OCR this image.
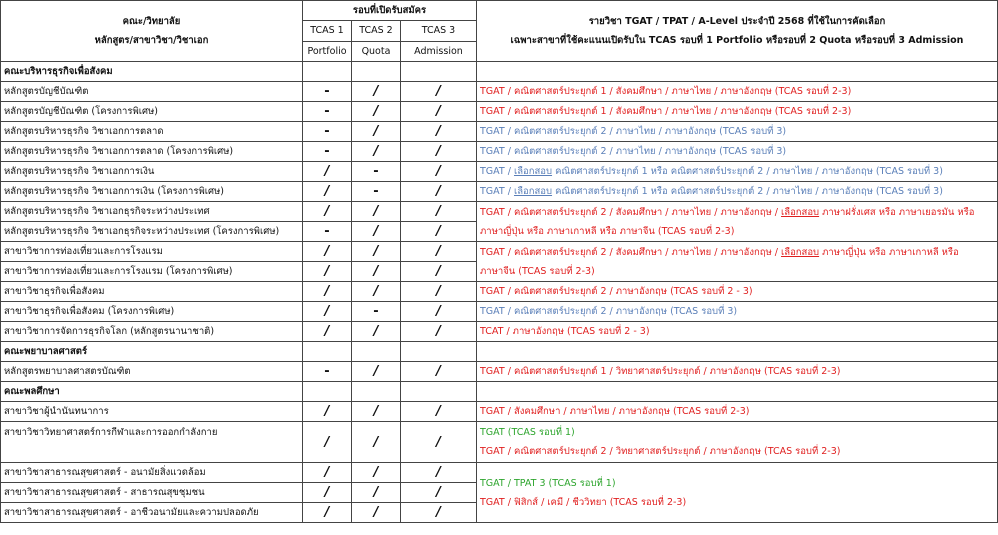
คณะ/วิทยาลัย
หลักสูตร/สาขาวิชา/วิชาเอก	รอบที่เปิดรับสมัคร			รายวิชา TGAT / TPAT / A-Level ประจำปี 2568 ที่ใช้ในการคัดเลือก
เฉพาะสาขาที่ใช้คะแนนเปิดรับใน TCAS รอบที่ 1 Portfolio หรือรอบที่ 2 Quota หรือรอบที่ 3 Admission

	TCAS 1	TCAS 2	TCAS 3	
	Portfolio	Quota	Admission	
คณะบริหารธุรกิจเพื่อสังคม				
หลักสูตรบัญชีบัณฑิต	-	/	/	TGAT / คณิตศาสตร์ประยุกต์ 1 / สังคมศึกษา / ภาษาไทย / ภาษาอังกฤษ (TCAS รอบที่ 2-3)
หลักสูตรบัญชีบัณฑิต (โครงการพิเศษ)	-	/	/	TGAT / คณิตศาสตร์ประยุกต์ 1 / สังคมศึกษา / ภาษาไทย / ภาษาอังกฤษ (TCAS รอบที่ 2-3)
หลักสูตรบริหารธุรกิจ วิชาเอกการตลาด	-	/	/	TGAT / คณิตศาสตร์ประยุกต์ 2 / ภาษาไทย / ภาษาอังกฤษ (TCAS รอบที่ 3)
หลักสูตรบริหารธุรกิจ วิชาเอกการตลาด (โครงการพิเศษ)	-	/	/	TGAT / คณิตศาสตร์ประยุกต์ 2 / ภาษาไทย / ภาษาอังกฤษ (TCAS รอบที่ 3)
หลักสูตรบริหารธุรกิจ วิชาเอกการเงิน	/	-	/	TGAT / เลือกสอบ คณิตศาสตร์ประยุกต์ 1 หรือ คณิตศาสตร์ประยุกต์ 2 / ภาษาไทย / ภาษาอังกฤษ (TCAS รอบที่ 3)
หลักสูตรบริหารธุรกิจ วิชาเอกการเงิน (โครงการพิเศษ)	/	-	/	TGAT / เลือกสอบ คณิตศาสตร์ประยุกต์ 1 หรือ คณิตศาสตร์ประยุกต์ 2 / ภาษาไทย / ภาษาอังกฤษ (TCAS รอบที่ 3)
หลักสูตรบริหารธุรกิจ วิชาเอกธุรกิจระหว่างประเทศ	/	/	/	TGAT / คณิตศาสตร์ประยุกต์ 2 / สังคมศึกษา / ภาษาไทย / ภาษาอังกฤษ / เลือกสอบ ภาษาฝรั่งเศส หรือ ภาษาเยอรมัน หรือ
ภาษาญี่ปุ่น หรือ ภาษาเกาหลี หรือ ภาษาจีน (TCAS รอบที่ 2-3)

หลักสูตรบริหารธุรกิจ วิชาเอกธุรกิจระหว่างประเทศ (โครงการพิเศษ)	-	/	/	
สาขาวิชาการท่องเที่ยวและการโรงแรม	/	/	/	TGAT / คณิตศาสตร์ประยุกต์ 2 / สังคมศึกษา / ภาษาไทย / ภาษาอังกฤษ / เลือกสอบ ภาษาญี่ปุ่น หรือ ภาษาเกาหลี หรือ
ภาษาจีน (TCAS รอบที่ 2-3)

สาขาวิชาการท่องเที่ยวและการโรงแรม (โครงการพิเศษ)	/	/	/	
สาขาวิชาธุรกิจเพื่อสังคม	/	/	/	TGAT / คณิตศาสตร์ประยุกต์ 2 / ภาษาอังกฤษ (TCAS รอบที่ 2 - 3)
สาขาวิชาธุรกิจเพื่อสังคม (โครงการพิเศษ)	/	-	/	TGAT / คณิตศาสตร์ประยุกต์ 2 / ภาษาอังกฤษ (TCAS รอบที่ 3)
สาขาวิชาการจัดการธุรกิจโลก (หลักสูตรนานาชาติ)	/	/	/	TCAT / ภาษาอังกฤษ (TCAS รอบที่ 2 - 3)
คณะพยาบาลศาสตร์				
หลักสูตรพยาบาลศาสตรบัณฑิต	-	/	/	TGAT / คณิตศาสตร์ประยุกต์ 1 / วิทยาศาสตร์ประยุกต์ / ภาษาอังกฤษ (TCAS รอบที่ 2-3)
คณะพลศึกษา				
สาขาวิชาผู้นำนันทนาการ	/	/	/	TGAT / สังคมศึกษา / ภาษาไทย / ภาษาอังกฤษ (TCAS รอบที่ 2-3)
สาขาวิชาวิทยาศาสตร์การกีฬาและการออกกำลังกาย	/	/	/	TGAT (TCAS รอบที่ 1)
TGAT / คณิตศาสตร์ประยุกต์ 2 / วิทยาศาสตร์ประยุกต์ / ภาษาอังกฤษ (TCAS รอบที่ 2-3)

สาขาวิชาสาธารณสุขศาสตร์ - อนามัยสิ่งแวดล้อม	/	/	/	TGAT / TPAT 3 (TCAS รอบที่ 1)
TGAT / ฟิสิกส์ / เคมี / ชีววิทยา (TCAS รอบที่ 2-3)

สาขาวิชาสาธารณสุขศาสตร์ - สาธารณสุขชุมชน	/	/	/	
สาขาวิชาสาธารณสุขศาสตร์ - อาชีวอนามัยและความปลอดภัย	/	/	/	
